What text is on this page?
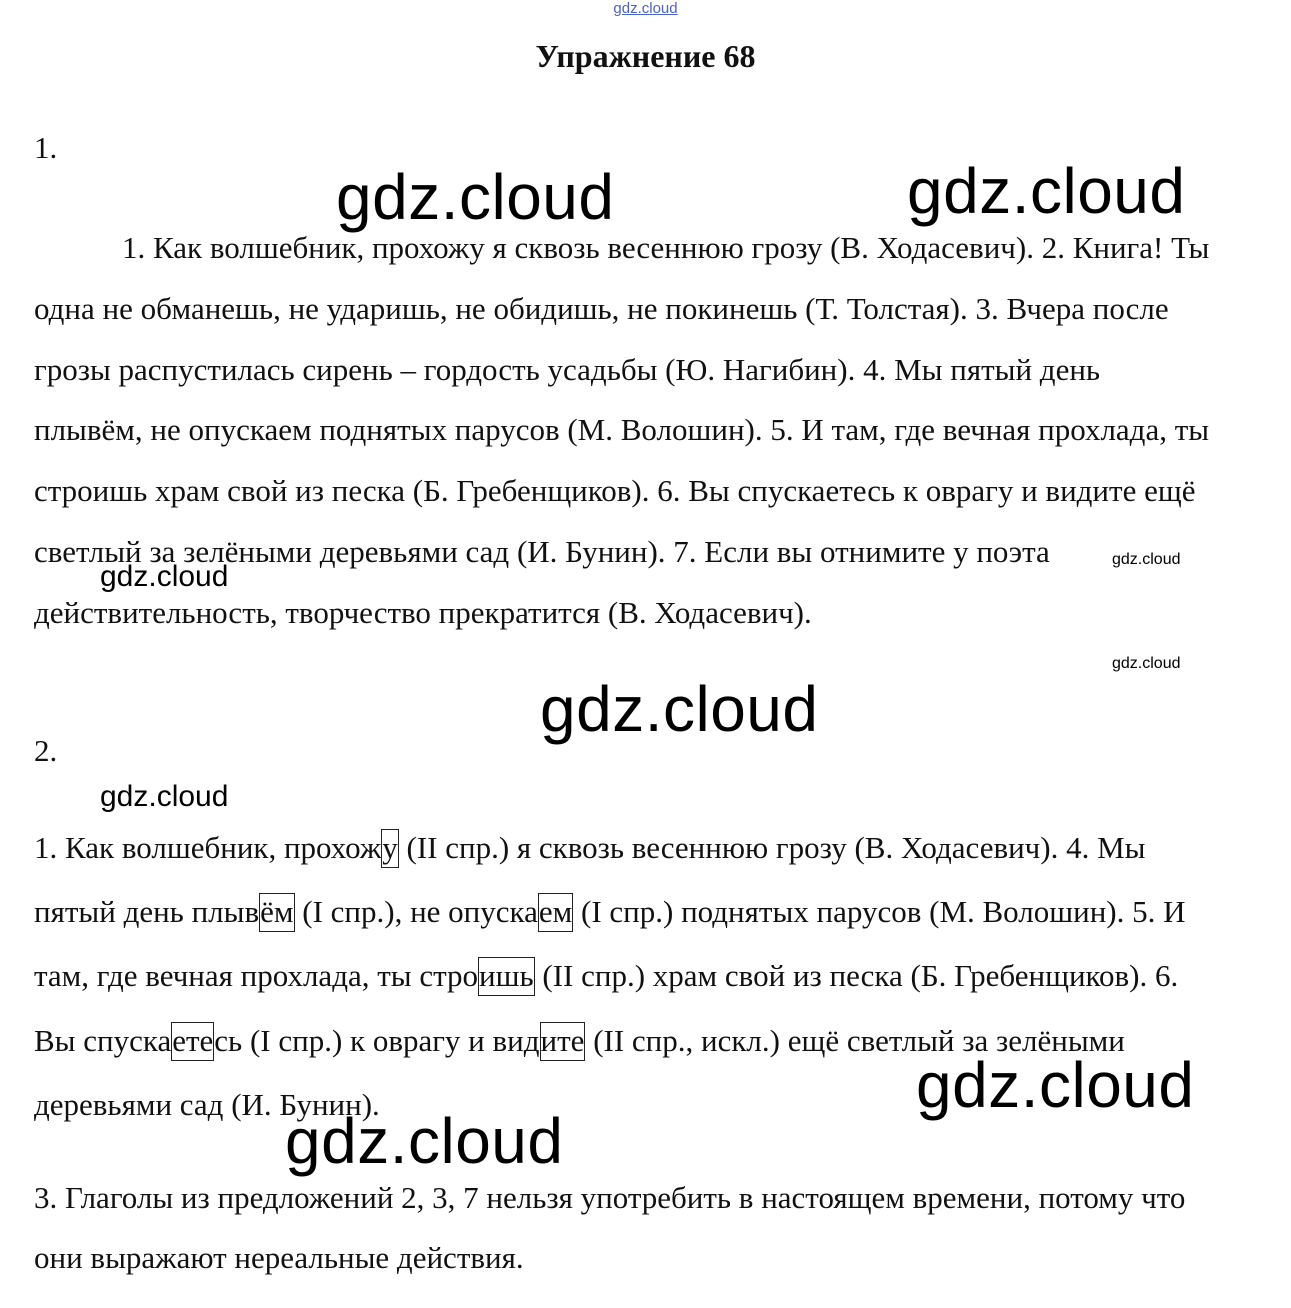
gdz.cloud
Упражнение 68
1.

1. Как волшебник, прохожу я сквозь весеннюю грозу (В. Ходасевич). 2. Книга! Ты одна не обманешь, не ударишь, не обидишь, не покинешь (Т. Толстая). 3. Вчера после грозы распустилась сирень – гордость усадьбы (Ю. Нагибин). 4. Мы пятый день плывём, не опускаем поднятых парусов (М. Волошин). 5. И там, где вечная прохлада, ты строишь храм свой из песка (Б. Гребенщиков). 6. Вы спускаетесь к оврагу и видите ещё светлый за зелёными деревьями сад (И. Бунин). 7. Если вы отнимите у поэта действительность, творчество прекратится (В. Ходасевич).

2.

1. Как волшебник, прохожу (II спр.) я сквозь весеннюю грозу (В. Ходасевич). 4. Мы пятый день плывём (I спр.), не опускаем (I спр.) поднятых парусов (М. Волошин). 5. И там, где вечная прохлада, ты строишь (II спр.) храм свой из песка (Б. Гребенщиков). 6. Вы спускаетесь (I спр.) к оврагу и видите (II спр., искл.) ещё светлый за зелёными деревьями сад (И. Бунин).

3. Глаголы из предложений 2, 3, 7 нельзя употребить в настоящем времени, потому что они выражают нереальные действия.

gdz.cloud	gdz.cloud
gdz.cloud
gdz.cloud
gdz.cloud
gdz.cloud
gdz.cloud
gdz.cloud
gdz.cloud
